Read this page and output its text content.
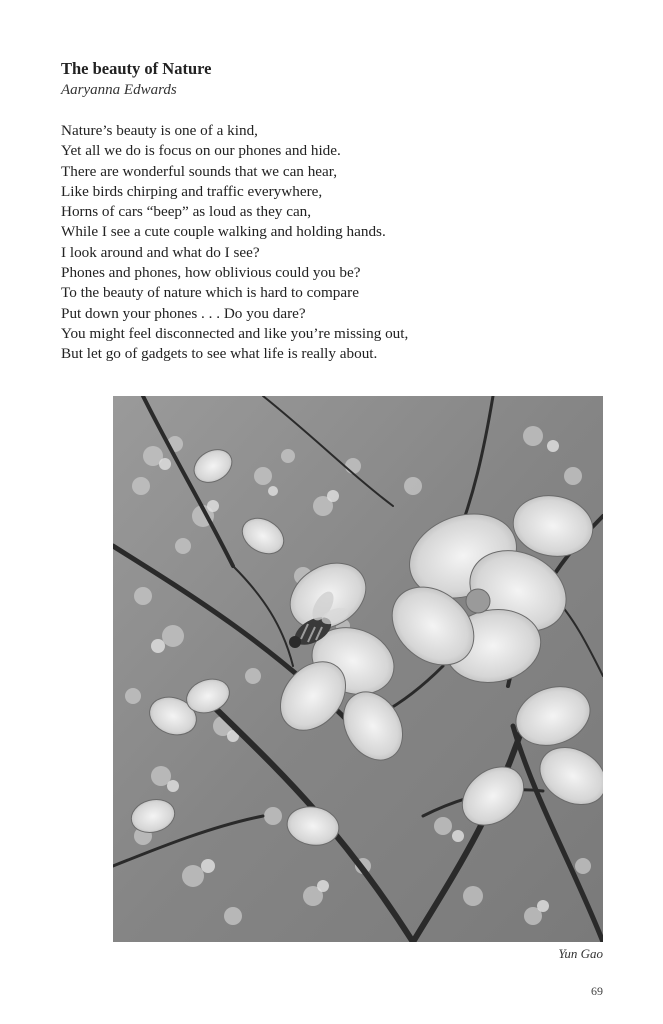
The beauty of Nature

Aaryanna Edwards

Nature’s beauty is one of a kind,
Yet all we do is focus on our phones and hide.
There are wonderful sounds that we can hear,
Like birds chirping and traffic everywhere,
Horns of cars “beep” as loud as they can,
While I see a cute couple walking and holding hands.
I look around and what do I see?
Phones and phones, how oblivious could you be?
To the beauty of nature which is hard to compare
Put down your phones . . . Do you dare?
You might feel disconnected and like you’re missing out,
But let go of gadgets to see what life is really about.
Yun Gao
69
